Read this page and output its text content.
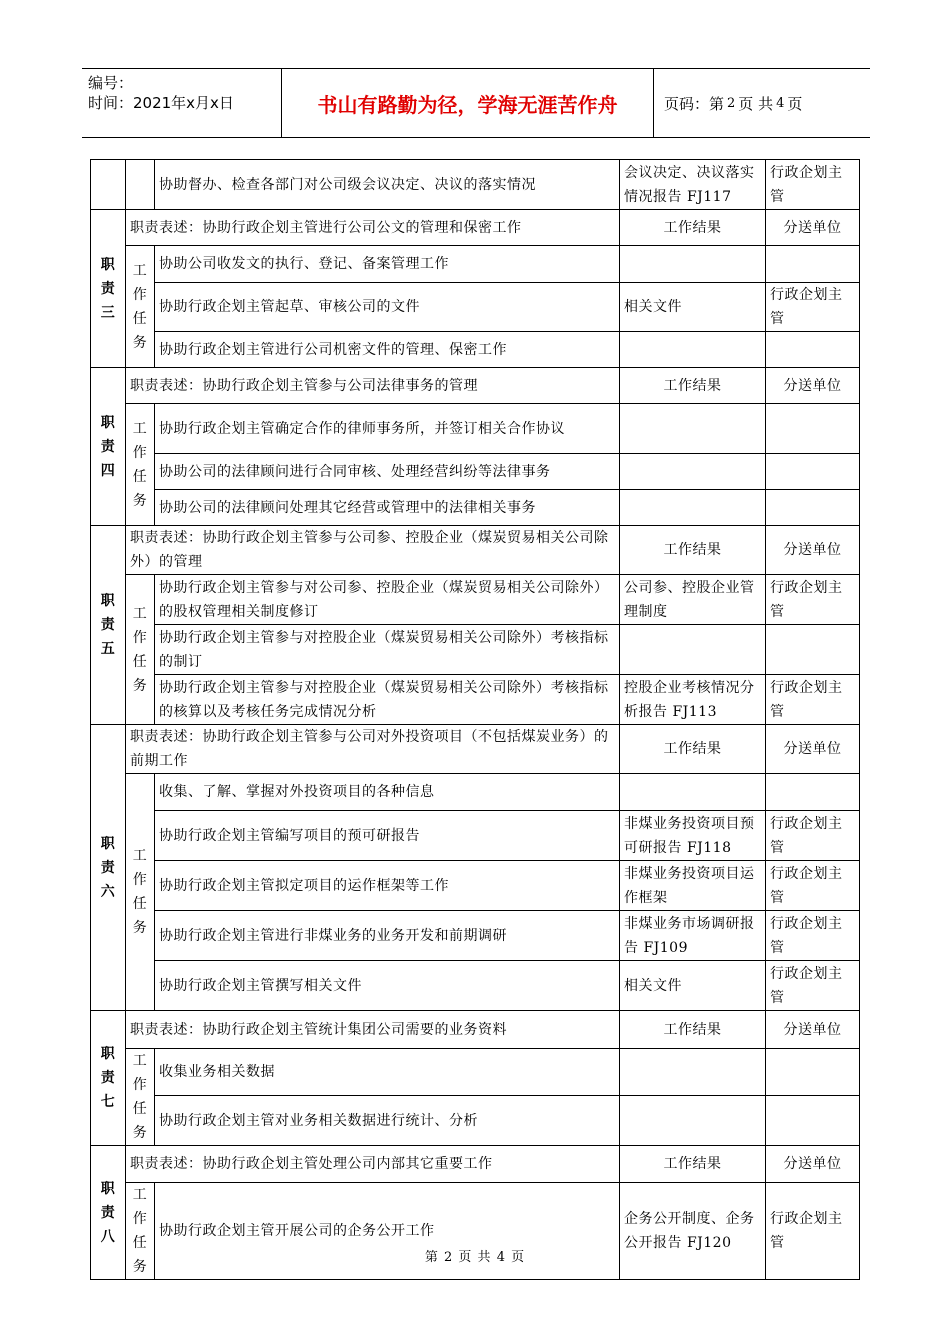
编号：
时间：2021年x月x日	书山有路勤为径，学海无涯苦作舟	页码：第 2 页 共 4 页
		协助督办、检查各部门对公司级会议决定、决议的落实情况	会议决定、决议落实情况报告 FJ117	行政企划主管
职责三	职责表述：协助行政企划主管进行公司公文的管理和保密工作		工作结果	分送单位
	工作任务	协助公司收发文的执行、登记、备案管理工作		
		协助行政企划主管起草、审核公司的文件	相关文件	行政企划主管
		协助行政企划主管进行公司机密文件的管理、保密工作		
职责四	职责表述：协助行政企划主管参与公司法律事务的管理		工作结果	分送单位
	工作任务	协助行政企划主管确定合作的律师事务所，并签订相关合作协议		
		协助公司的法律顾问进行合同审核、处理经营纠纷等法律事务		
		协助公司的法律顾问处理其它经营或管理中的法律相关事务		
职责五	职责表述：协助行政企划主管参与公司参、控股企业（煤炭贸易相关公司除外）的管理		工作结果	分送单位
	工作任务	协助行政企划主管参与对公司参、控股企业（煤炭贸易相关公司除外）的股权管理相关制度修订	公司参、控股企业管理制度	行政企划主管
		协助行政企划主管参与对控股企业（煤炭贸易相关公司除外）考核指标的制订		
		协助行政企划主管参与对控股企业（煤炭贸易相关公司除外）考核指标的核算以及考核任务完成情况分析	控股企业考核情况分析报告 FJ113	行政企划主管
职责六	职责表述：协助行政企划主管参与公司对外投资项目（不包括煤炭业务）的前期工作		工作结果	分送单位
	工作任务	收集、了解、掌握对外投资项目的各种信息		
		协助行政企划主管编写项目的预可研报告	非煤业务投资项目预可研报告 FJ118	行政企划主管
		协助行政企划主管拟定项目的运作框架等工作	非煤业务投资项目运作框架	行政企划主管
		协助行政企划主管进行非煤业务的业务开发和前期调研	非煤业务市场调研报告 FJ109	行政企划主管
		协助行政企划主管撰写相关文件	相关文件	行政企划主管
职责七	职责表述：协助行政企划主管统计集团公司需要的业务资料		工作结果	分送单位
	工作任务	收集业务相关数据		
		协助行政企划主管对业务相关数据进行统计、分析		
职责八	职责表述：协助行政企划主管处理公司内部其它重要工作		工作结果	分送单位
	工作任务	协助行政企划主管开展公司的企务公开工作	企务公开制度、企务公开报告 FJ120	行政企划主管
第 2 页 共 4 页
